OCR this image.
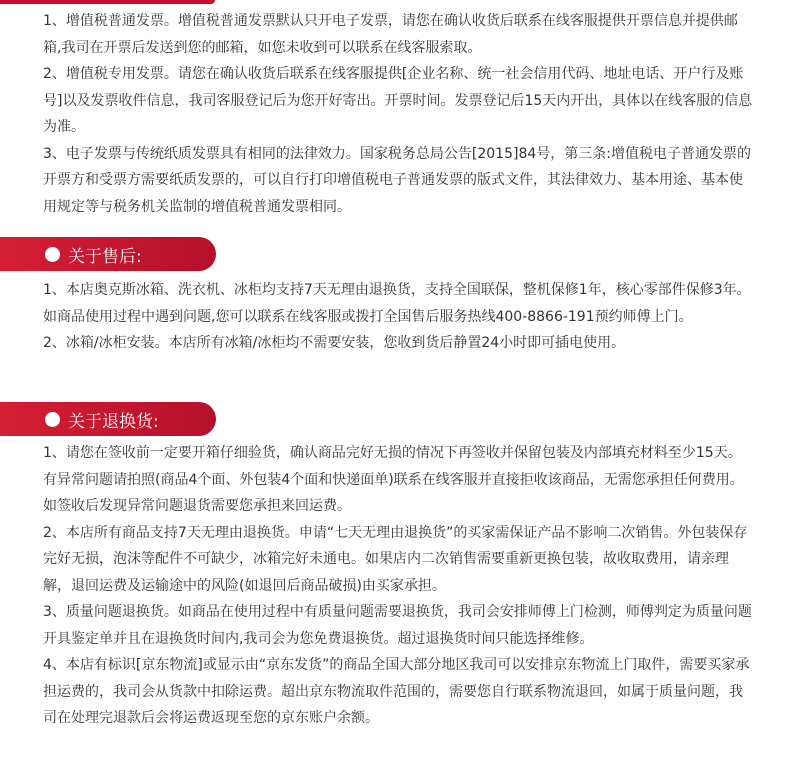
1、增值税普通发票。增值税普通发票默认只开电子发票，请您在确认收货后联系在线客服提供开票信息并提供邮箱,我司在开票后发送到您的邮箱，如您未收到可以联系在线客服索取。

2、增值税专用发票。请您在确认收货后联系在线客服提供[企业名称、统一社会信用代码、地址电话、开户行及账号]以及发票收件信息，我司客服登记后为您开好寄出。开票时间。发票登记后15天内开出，具体以在线客服的信息为准。

3、电子发票与传统纸质发票具有相同的法律效力。国家税务总局公告[2015]84号，第三条:增值税电子普通发票的开票方和受票方需要纸质发票的，可以自行打印增值税电子普通发票的版式文件，其法律效力、基本用途、基本使用规定等与税务机关监制的增值税普通发票相同。

关于售后:

1、本店奥克斯冰箱、洗衣机、冰柜均支持7天无理由退换货，支持全国联保，整机保修1年，核心零部件保修3年。如商品使用过程中遇到问题,您可以联系在线客服或拨打全国售后服务热线400-8866-191预约师傅上门。

2、冰箱/冰柜安装。本店所有冰箱/冰柜均不需要安装，您收到货后静置24小时即可插电使用。

关于退换货:

1、请您在签收前一定要开箱仔细验货，确认商品完好无损的情况下再签收并保留包装及内部填充材料至少15天。有异常问题请拍照(商品4个面、外包装4个面和快递面单)联系在线客服并直接拒收该商品，无需您承担任何费用。如签收后发现异常问题退货需要您承担来回运费。

2、本店所有商品支持7天无理由退换货。申请“七天无理由退换货”的买家需保证产品不影响二次销售。外包装保存完好无损，泡沫等配件不可缺少，冰箱完好未通电。如果店内二次销售需要重新更换包装，故收取费用，请亲理解，退回运费及运输途中的风险(如退回后商品破损)由买家承担。

3、质量问题退换货。如商品在使用过程中有质量问题需要退换货，我司会安排师傅上门检测，师傅判定为质量问题开具鉴定单并且在退换货时间内,我司会为您免费退换货。超过退换货时间只能选择维修。

4、本店有标识[京东物流]或显示由“京东发货”的商品全国大部分地区我司可以安排京东物流上门取件，需要买家承担运费的，我司会从货款中扣除运费。超出京东物流取件范围的，需要您自行联系物流退回，如属于质量问题，我司在处理完退款后会将运费返现至您的京东账户余额。
